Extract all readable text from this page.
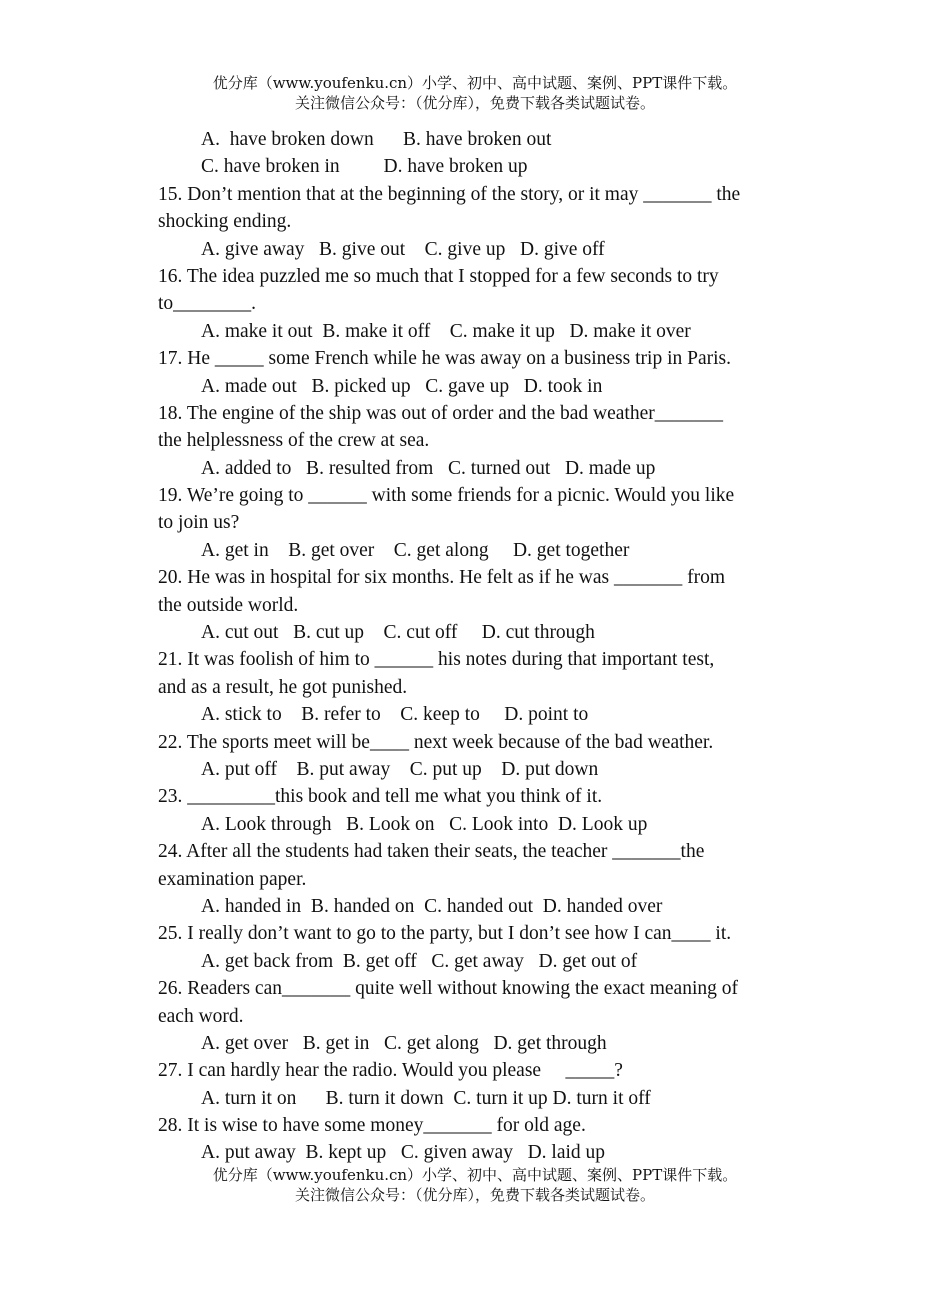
优分库（www.youfenku.cn）小学、初中、高中试题、案例、PPT课件下载。
关注微信公众号：（优分库），免费下载各类试题试卷。
A.  have broken down      B. have broken out
C. have broken in         D. have broken up
15. Don’t mention that at the beginning of the story, or it may _______ the
shocking ending.
A. give away   B. give out    C. give up   D. give off
16. The idea puzzled me so much that I stopped for a few seconds to try
to________.
A. make it out  B. make it off    C. make it up   D. make it over
17. He _____ some French while he was away on a business trip in Paris.
A. made out   B. picked up   C. gave up   D. took in
18. The engine of the ship was out of order and the bad weather_______
the helplessness of the crew at sea.
A. added to   B. resulted from   C. turned out   D. made up
19. We’re going to ______ with some friends for a picnic. Would you like
to join us?
A. get in    B. get over    C. get along     D. get together
20. He was in hospital for six months. He felt as if he was _______ from
the outside world.
A. cut out   B. cut up    C. cut off     D. cut through
21. It was foolish of him to ______ his notes during that important test,
and as a result, he got punished.
A. stick to    B. refer to    C. keep to     D. point to
22. The sports meet will be____ next week because of the bad weather.
A. put off    B. put away    C. put up    D. put down
23. _________this book and tell me what you think of it.
A. Look through   B. Look on   C. Look into  D. Look up
24. After all the students had taken their seats, the teacher _______the
examination paper.
A. handed in  B. handed on  C. handed out  D. handed over
25. I really don’t want to go to the party, but I don’t see how I can____ it.
A. get back from  B. get off   C. get away   D. get out of
26. Readers can_______ quite well without knowing the exact meaning of
each word.
A. get over   B. get in   C. get along   D. get through
27. I can hardly hear the radio. Would you please     _____?
A. turn it on      B. turn it down  C. turn it up D. turn it off
28. It is wise to have some money_______ for old age.
A. put away  B. kept up   C. given away   D. laid up
优分库（www.youfenku.cn）小学、初中、高中试题、案例、PPT课件下载。
关注微信公众号：（优分库），免费下载各类试题试卷。
